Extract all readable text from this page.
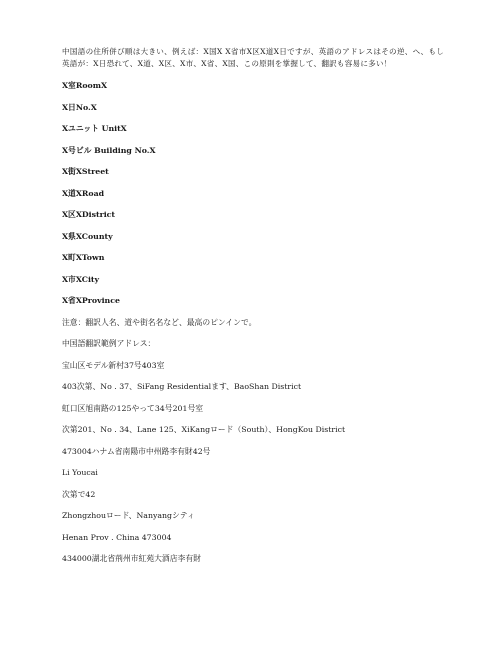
中国語の住所併び順は大きい、例えば：X国X X省市X区X道X日ですが、英語のアドレスはその逆、へ、もし英語が：X日恐れて、X道、X区、X市、X省、X国、この原則を掌握して、翻訳も容易に多い！

X室RoomX

X日No.X

Xユニット UnitX

X号ビル Building No.X

X街XStreet

X道XRoad

X区XDistrict

X県XCounty

X町XTown

X市XCity

X省XProvince

注意：翻訳人名、道や街名名など、最高のピンインで。

中国語翻訳範例アドレス：

宝山区モデル新村37号403室

403次第、No . 37、SiFang Residentialます、BaoShan District

虹口区旭南路の125やって34号201号室

次第201、No . 34、Lane 125、XiKangロード（South）、HongKou District

473004ハナム省南陽市中州路李有財42号

Li Youcai

次第で42

Zhongzhouロード、Nanyangシティ

Henan Prov . China 473004

434000湖北省荊州市紅苑大酒店李有財
